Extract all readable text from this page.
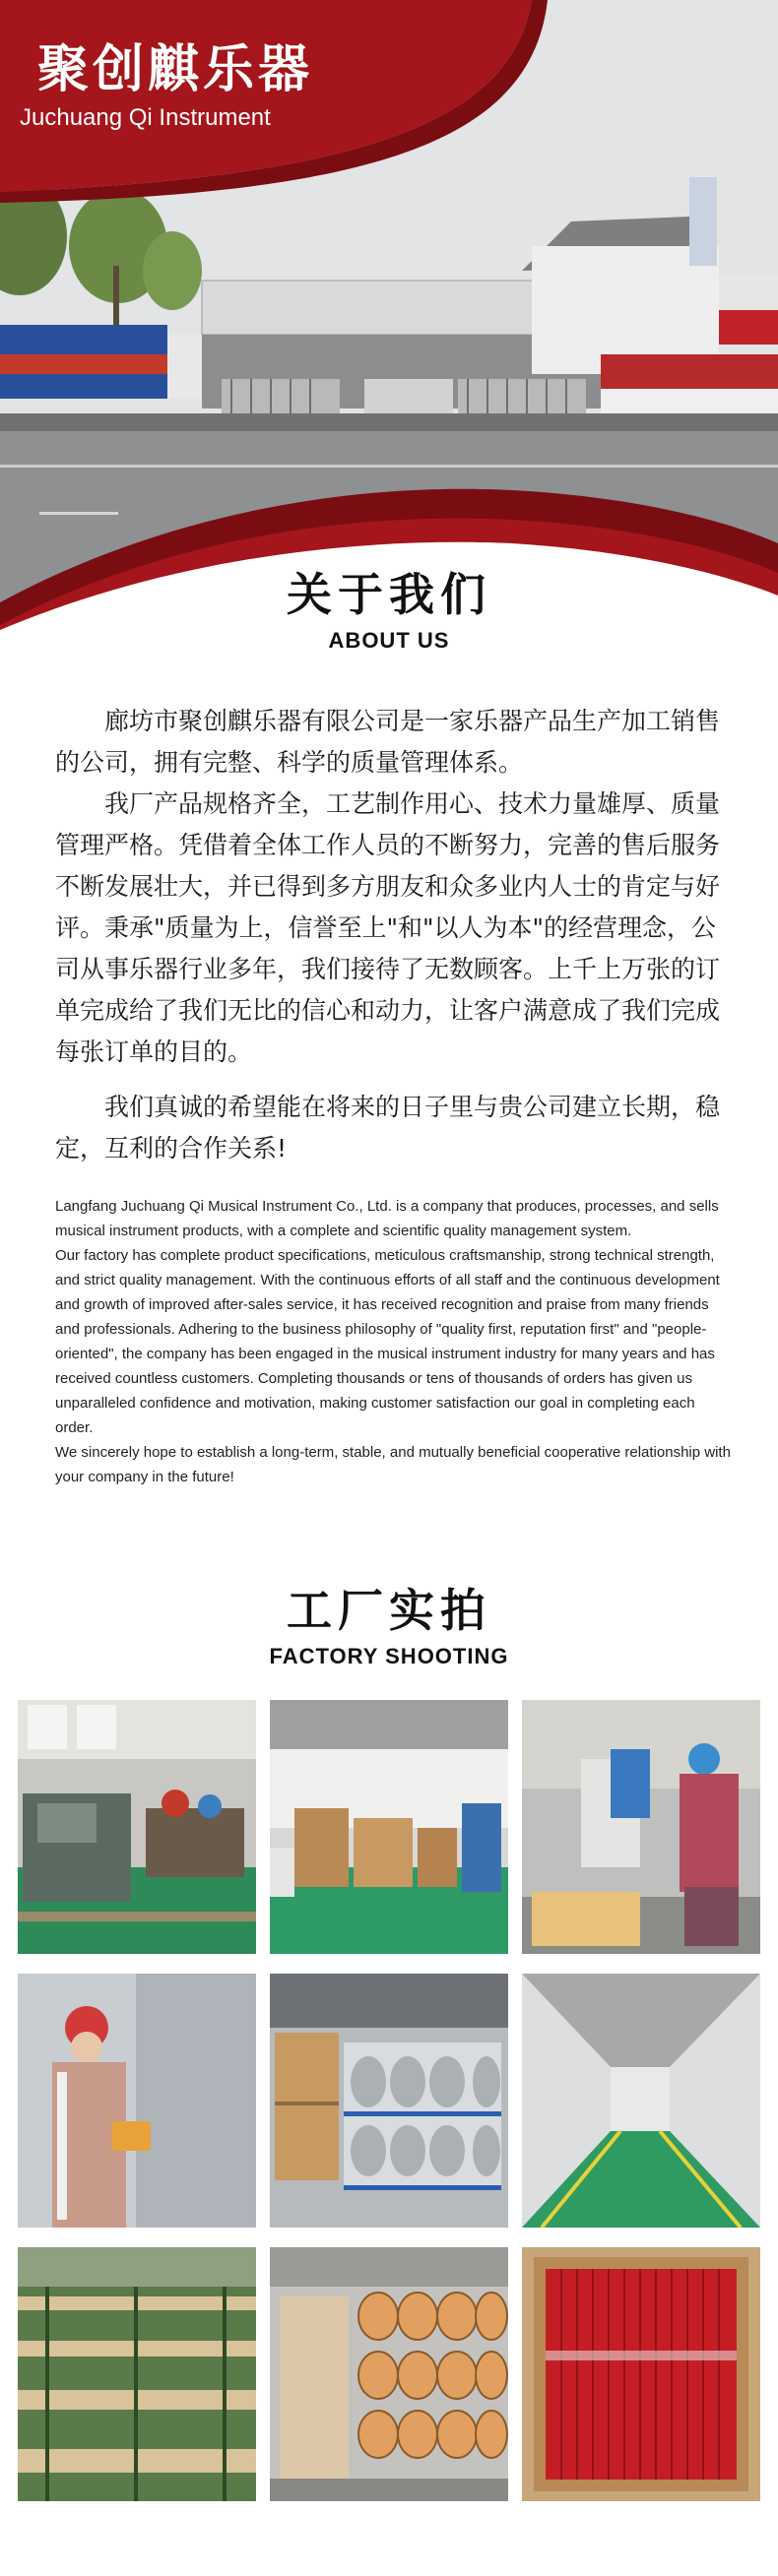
聚创麒乐器
Juchuang Qi Instrument
关于我们
ABOUT US

廊坊市聚创麒乐器有限公司是一家乐器产品生产加工销售的公司，拥有完整、科学的质量管理体系。

我厂产品规格齐全，工艺制作用心、技术力量雄厚、质量管理严格。凭借着全体工作人员的不断努力，完善的售后服务不断发展壮大，并已得到多方朋友和众多业内人士的肯定与好评。秉承"质量为上，信誉至上"和"以人为本"的经营理念，公司从事乐器行业多年，我们接待了无数顾客。上千上万张的订单完成给了我们无比的信心和动力，让客户满意成了我们完成每张订单的目的。

我们真诚的希望能在将来的日子里与贵公司建立长期，稳定，互利的合作关系!

Langfang Juchuang Qi Musical Instrument Co., Ltd. is a company that produces, processes, and sells musical instrument products, with a complete and scientific quality management system.

Our factory has complete product specifications, meticulous craftsmanship, strong technical strength, and strict quality management. With the continuous efforts of all staff and the continuous development and growth of improved after-sales service, it has received recognition and praise from many friends and professionals. Adhering to the business philosophy of "quality first, reputation first" and "people-oriented", the company has been engaged in the musical instrument industry for many years and has received countless customers. Completing thousands or tens of thousands of orders has given us unparalleled confidence and motivation, making customer satisfaction our goal in completing each order.

We sincerely hope to establish a long-term, stable, and mutually beneficial cooperative relationship with your company in the future!

工厂实拍
FACTORY SHOOTING
